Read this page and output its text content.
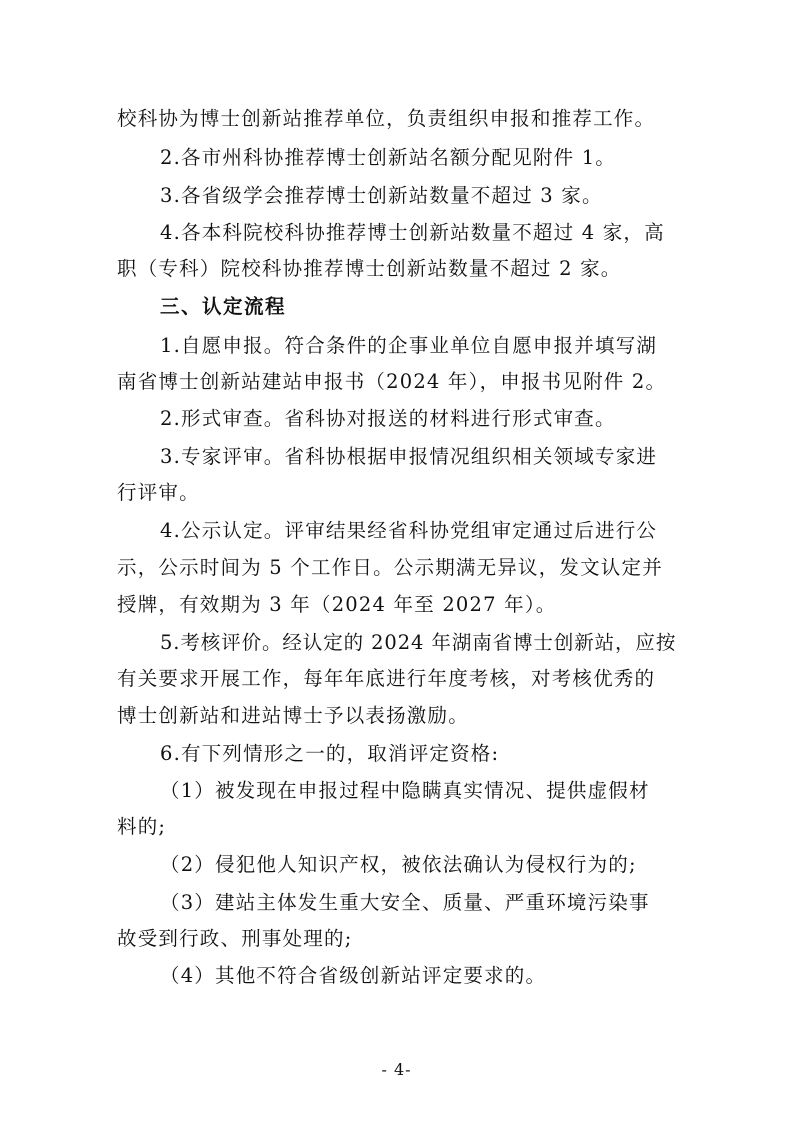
校科协为博士创新站推荐单位，负责组织申报和推荐工作。
2.各市州科协推荐博士创新站名额分配见附件 1。
3.各省级学会推荐博士创新站数量不超过 3 家。
4.各本科院校科协推荐博士创新站数量不超过 4 家，高
职（专科）院校科协推荐博士创新站数量不超过 2 家。
三、认定流程
1.自愿申报。符合条件的企事业单位自愿申报并填写湖
南省博士创新站建站申报书（2024 年），申报书见附件 2。
2.形式审查。省科协对报送的材料进行形式审查。
3.专家评审。省科协根据申报情况组织相关领域专家进
行评审。
4.公示认定。评审结果经省科协党组审定通过后进行公
示，公示时间为 5 个工作日。公示期满无异议，发文认定并
授牌，有效期为 3 年（2024 年至 2027 年）。
5.考核评价。经认定的 2024 年湖南省博士创新站，应按
有关要求开展工作，每年年底进行年度考核，对考核优秀的
博士创新站和进站博士予以表扬激励。
6.有下列情形之一的，取消评定资格:
（1）被发现在申报过程中隐瞒真实情况、提供虚假材
料的;
（2）侵犯他人知识产权，被依法确认为侵权行为的;
（3）建站主体发生重大安全、质量、严重环境污染事
故受到行政、刑事处理的;
（4）其他不符合省级创新站评定要求的。
- 4-
